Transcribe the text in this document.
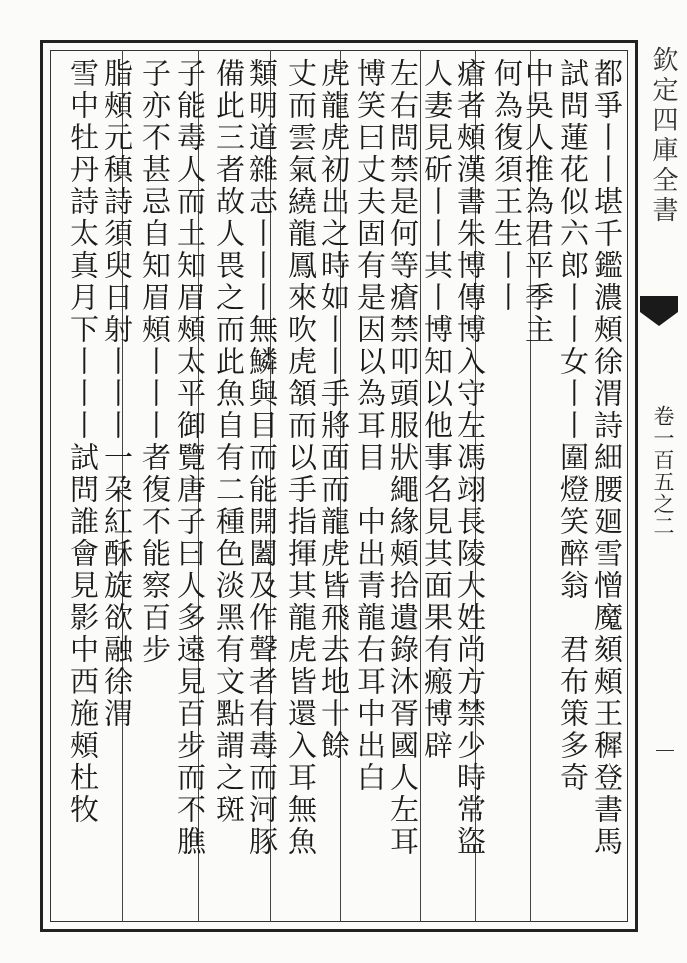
都爭丨丨堪千鑑濃頰徐渭詩細腰廻雪憎魔頦頰王穉登書馬
試問蓮花似六郎丨丨女丨丨圍燈笑醉翁　君布策多奇
中吳人推為君平季主
何為復須王生丨丨
瘡者頰漢書朱博傳博入守左馮翊長陵大姓尚方禁少時常盜
人妻見斫丨丨其丨博知以他事名見其面果有瘢博辟
左右問禁是何等瘡禁叩頭服狀繩緣頰拾遺錄沐胥國人左耳
博笑曰丈夫固有是因以為耳目　中出青龍右耳中出白
虎龍虎初出之時如丨丨手將面而龍虎皆飛去地十餘
丈而雲氣繞龍鳳來吹虎頷而以手指揮其龍虎皆還入耳無魚
類明道雜志丨丨丨無鱗與目而能開闔及作聲者有毒而河豚
備此三者故人畏之而此魚自有二種色淡黑有文點謂之斑
子能毒人而土知眉頰太平御覽唐子曰人多遠見百步而不膲
子亦不甚忌自知眉頰丨丨丨者復不能察百步
脂頰元稹詩須臾日射丨丨丨一朶紅酥旋欲融徐渭
雪中牡丹詩太真月下丨丨丨試問誰會見影中西施頰杜牧	欽定四庫全書
卷一百五之二
